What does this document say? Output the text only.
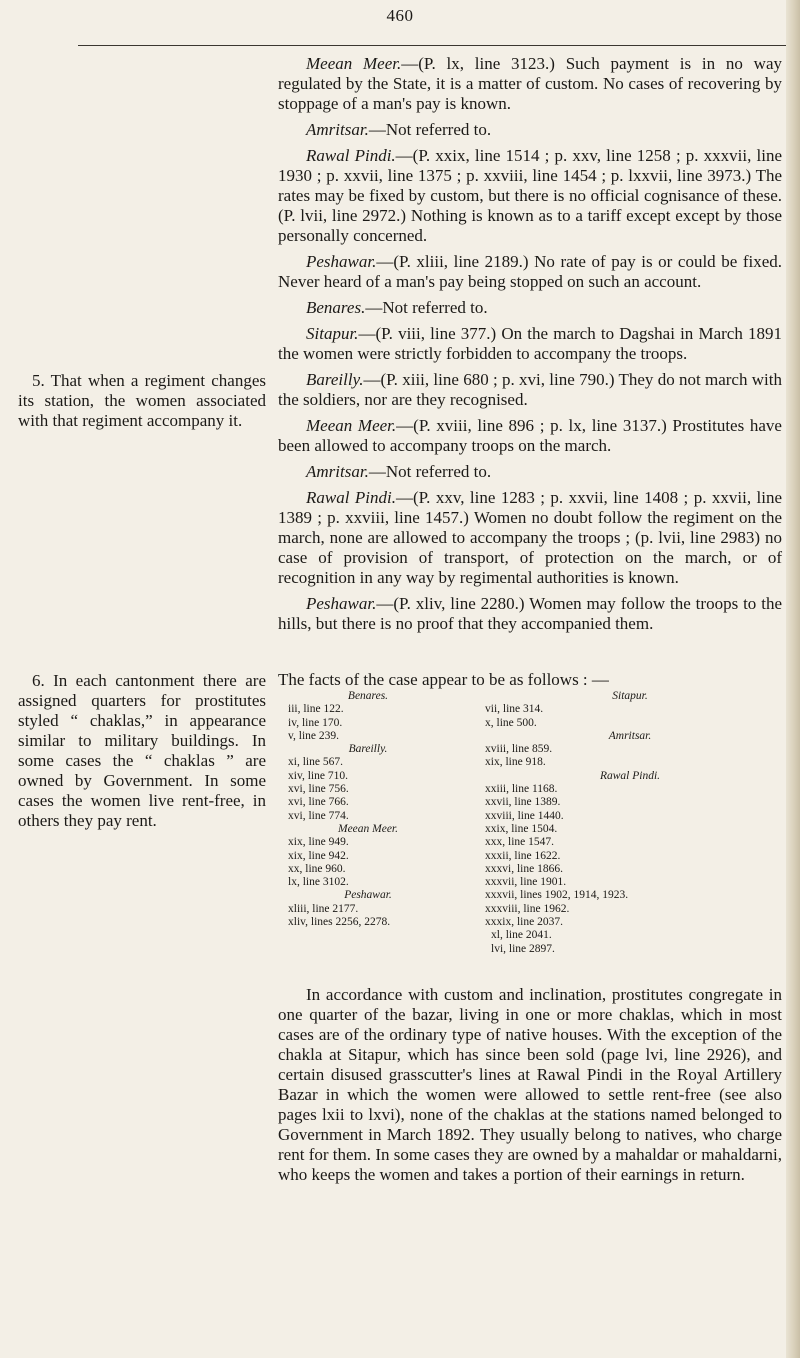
460

Meean Meer.—(P. lx, line 3123.) Such payment is in no way regulated by the State, it is a matter of custom. No cases of recovering by stoppage of a man's pay is known.

Amritsar.—Not referred to.

Rawal Pindi.—(P. xxix, line 1514 ; p. xxv, line 1258 ; p. xxxvii, line 1930 ; p. xxvii, line 1375 ; p. xxviii, line 1454 ; p. lxxvii, line 3973.) The rates may be fixed by custom, but there is no official cognisance of these. (P. lvii, line 2972.) Nothing is known as to a tariff except except by those personally concerned.

Peshawar.—(P. xliii, line 2189.) No rate of pay is or could be fixed. Never heard of a man's pay being stopped on such an account.

Benares.—Not referred to.

Sitapur.—(P. viii, line 377.) On the march to Dagshai in March 1891 the women were strictly forbidden to accompany the troops.

Bareilly.—(P. xiii, line 680 ; p. xvi, line 790.) They do not march with the soldiers, nor are they recognised.

Meean Meer.—(P. xviii, line 896 ; p. lx, line 3137.) Prostitutes have been allowed to accompany troops on the march.

Amritsar.—Not referred to.

Rawal Pindi.—(P. xxv, line 1283 ; p. xxvii, line 1408 ; p. xxvii, line 1389 ; p. xxviii, line 1457.) Women no doubt follow the regiment on the march, none are allowed to accompany the troops ; (p. lvii, line 2983) no case of provision of transport, of protection on the march, or of recognition in any way by regimental authorities is known.

Peshawar.—(P. xliv, line 2280.) Women may follow the troops to the hills, but there is no proof that they accompanied them.

5. That when a regiment changes its station, the women associated with that regiment accompany it.

6. In each cantonment there are assigned quarters for prostitutes styled “ chaklas,” in appearance similar to military buildings. In some cases the “ chaklas ” are owned by Government. In some cases the women live rent-free, in others they pay rent.

The facts of the case appear to be as follows : —
Benares.
iii, line 122.
iv, line 170.
v, line 239.
Bareilly.
xi, line 567.
xiv, line 710.
xvi, line 756.
xvi, line 766.
xvi, line 774.
Meean Meer.
xix, line 949.
xix, line 942.
xx, line 960.
lx, line 3102.
Peshawar.
xliii, line 2177.
xliv, lines 2256, 2278.
Sitapur.
vii, line 314.
x, line 500.
Amritsar.
xviii, line 859.
xix, line 918.
Rawal Pindi.
xxiii, line 1168.
xxvii, line 1389.
xxviii, line 1440.
xxix, line 1504.
xxx, line 1547.
xxxii, line 1622.
xxxvi, line 1866.
xxxvii, line 1901.
xxxvii, lines 1902, 1914, 1923.
xxxviii, line 1962.
xxxix, line 2037.
xl, line 2041.
lvi, line 2897.

In accordance with custom and inclination, prostitutes congregate in one quarter of the bazar, living in one or more chaklas, which in most cases are of the ordinary type of native houses. With the exception of the chakla at Sitapur, which has since been sold (page lvi, line 2926), and certain disused grasscutter's lines at Rawal Pindi in the Royal Artillery Bazar in which the women were allowed to settle rent-free (see also pages lxii to lxvi), none of the chaklas at the stations named belonged to Government in March 1892. They usually belong to natives, who charge rent for them. In some cases they are owned by a mahaldar or mahaldarni, who keeps the women and takes a portion of their earnings in return.
